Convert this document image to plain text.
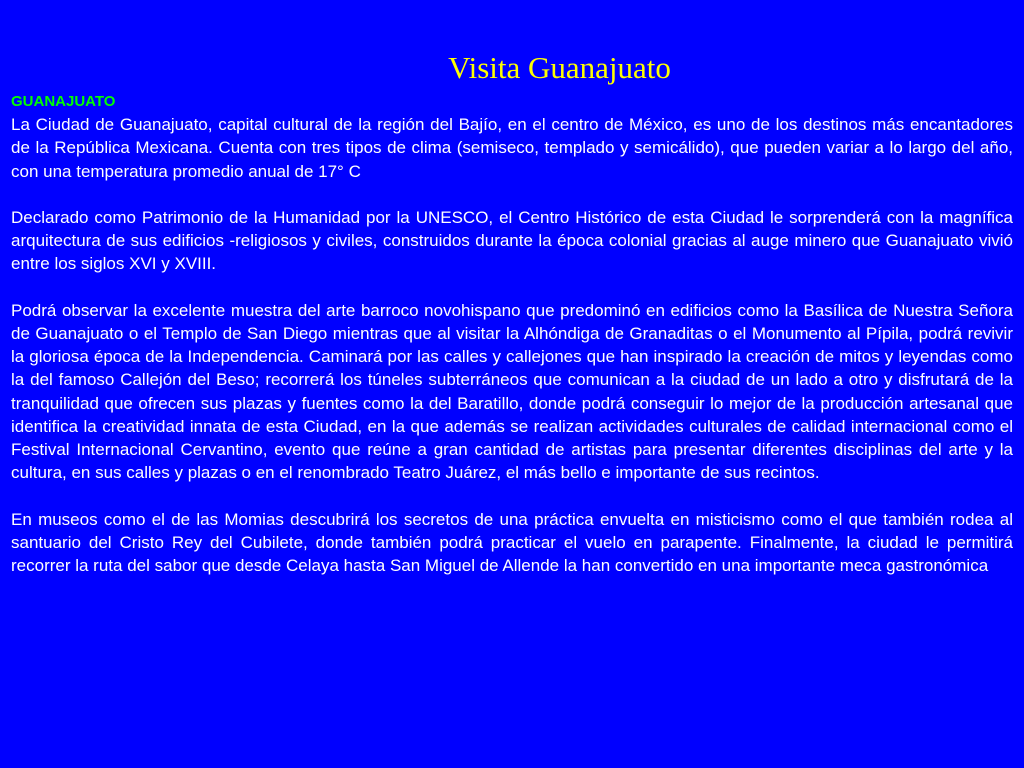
Visita Guanajuato

GUANAJUATO

La Ciudad de Guanajuato, capital cultural de la región del Bajío, en el centro de México, es uno de los destinos más encantadores de la República Mexicana. Cuenta con tres tipos de clima (semiseco, templado y semicálido), que pueden variar a lo largo del año, con una temperatura promedio anual de 17° C

Declarado como Patrimonio de la Humanidad por la UNESCO, el Centro Histórico de esta Ciudad le sorprenderá con la magnífica arquitectura de sus edificios -religiosos y civiles, construidos durante la época colonial gracias al auge minero que Guanajuato vivió entre los siglos XVI y XVIII.

Podrá observar la excelente muestra del arte barroco novohispano que predominó en edificios como la Basílica de Nuestra Señora de Guanajuato o el Templo de San Diego mientras que al visitar la Alhóndiga de Granaditas o el Monumento al Pípila, podrá revivir la gloriosa época de la Independencia. Caminará por las calles y callejones que han inspirado la creación de mitos y leyendas como la del famoso Callejón del Beso; recorrerá los túneles subterráneos que comunican a la ciudad de un lado a otro y disfrutará de la tranquilidad que ofrecen sus plazas y fuentes como la del Baratillo, donde podrá conseguir lo mejor de la producción artesanal que identifica la creatividad innata de esta Ciudad, en la que además se realizan actividades culturales de calidad internacional como el Festival Internacional Cervantino, evento que reúne a gran cantidad de artistas para presentar diferentes disciplinas del arte y la cultura, en sus calles y plazas o en el renombrado Teatro Juárez, el más bello e importante de sus recintos.

En museos como el de las Momias descubrirá los secretos de una práctica envuelta en misticismo como el que también rodea al santuario del Cristo Rey del Cubilete, donde también podrá practicar el vuelo en parapente. Finalmente, la ciudad le permitirá recorrer la ruta del sabor que desde Celaya hasta San Miguel de Allende la han convertido en una importante meca gastronómica
